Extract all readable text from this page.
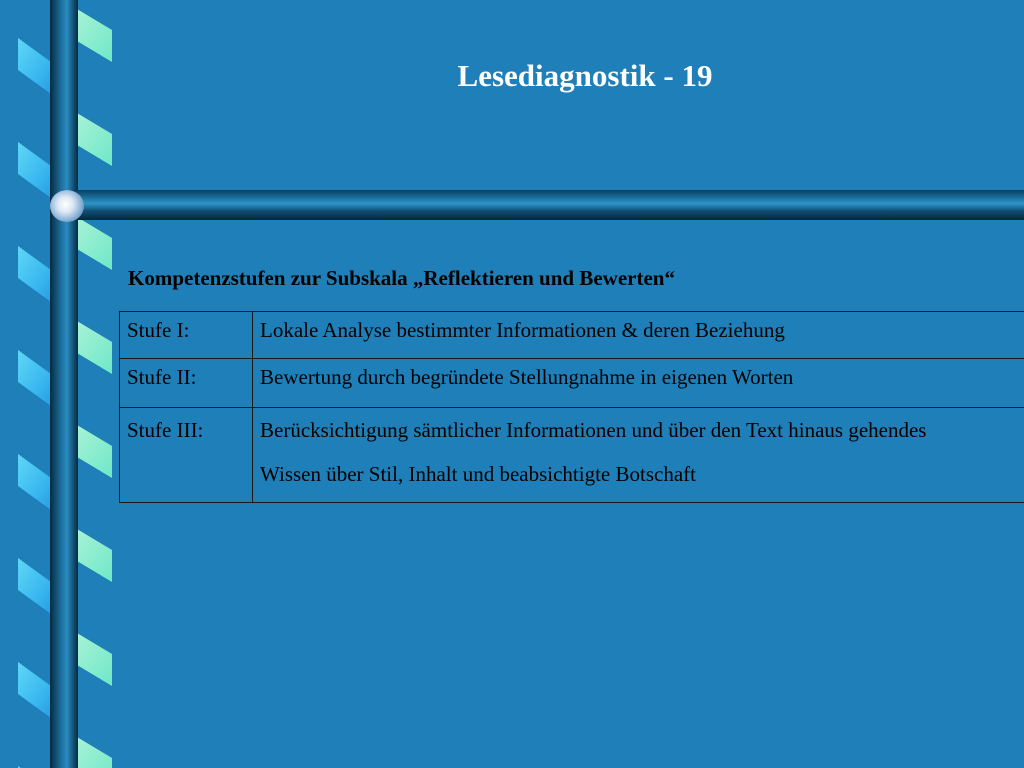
Lesediagnostik - 19

Kompetenzstufen zur Subskala „Reflektieren und Bewerten“

Stufe I:	Lokale Analyse bestimmter Informationen & deren Beziehung
Stufe II:	Bewertung durch begründete Stellungnahme in eigenen Worten
Stufe III:	Berücksichtigung sämtlicher Informationen und über den Text hinaus gehendes
Wissen über Stil, Inhalt und beabsichtigte Botschaft
